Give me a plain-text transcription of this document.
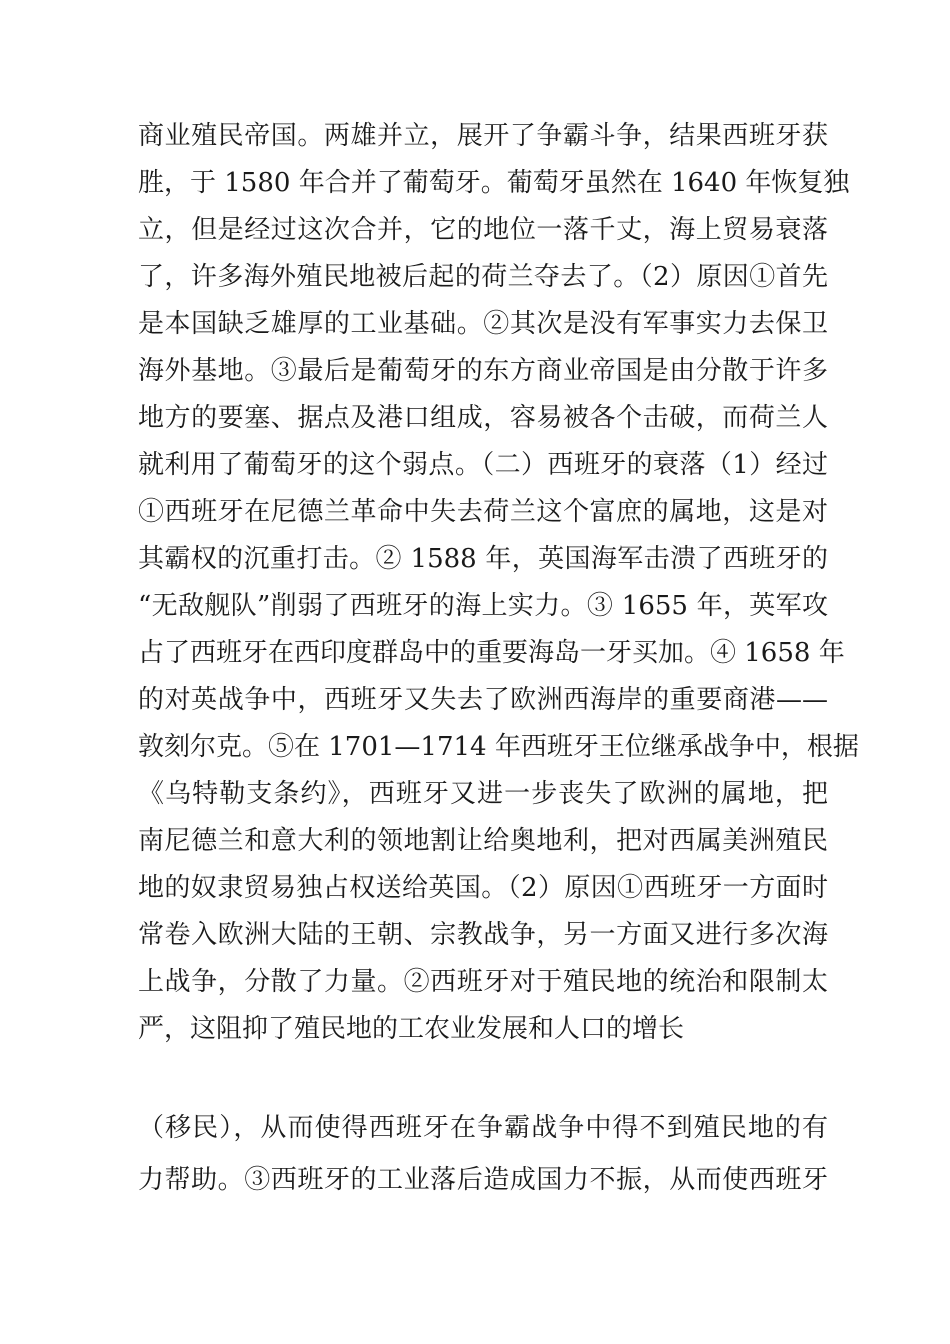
商业殖民帝国。两雄并立，展开了争霸斗争，结果西班牙获
胜，于 1580 年合并了葡萄牙。葡萄牙虽然在 1640 年恢复独
立，但是经过这次合并，它的地位一落千丈，海上贸易衰落
了，许多海外殖民地被后起的荷兰夺去了。（2）原因①首先
是本国缺乏雄厚的工业基础。②其次是没有军事实力去保卫
海外基地。③最后是葡萄牙的东方商业帝国是由分散于许多
地方的要塞、据点及港口组成，容易被各个击破，而荷兰人
就利用了葡萄牙的这个弱点。（二）西班牙的衰落（1）经过
①西班牙在尼德兰革命中失去荷兰这个富庶的属地，这是对
其霸权的沉重打击。② 1588 年，英国海军击溃了西班牙的
“无敌舰队”削弱了西班牙的海上实力。③ 1655 年，英军攻
占了西班牙在西印度群岛中的重要海岛一牙买加。④ 1658 年
的对英战争中，西班牙又失去了欧洲西海岸的重要商港——
敦刻尔克。⑤在 1701—1714 年西班牙王位继承战争中，根据
《乌特勒支条约》，西班牙又进一步丧失了欧洲的属地，把
南尼德兰和意大利的领地割让给奥地利，把对西属美洲殖民
地的奴隶贸易独占权送给英国。（2）原因①西班牙一方面时
常卷入欧洲大陆的王朝、宗教战争，另一方面又进行多次海
上战争，分散了力量。②西班牙对于殖民地的统治和限制太
严，这阻抑了殖民地的工农业发展和人口的增长
（移民），从而使得西班牙在争霸战争中得不到殖民地的有
力帮助。③西班牙的工业落后造成国力不振，从而使西班牙
